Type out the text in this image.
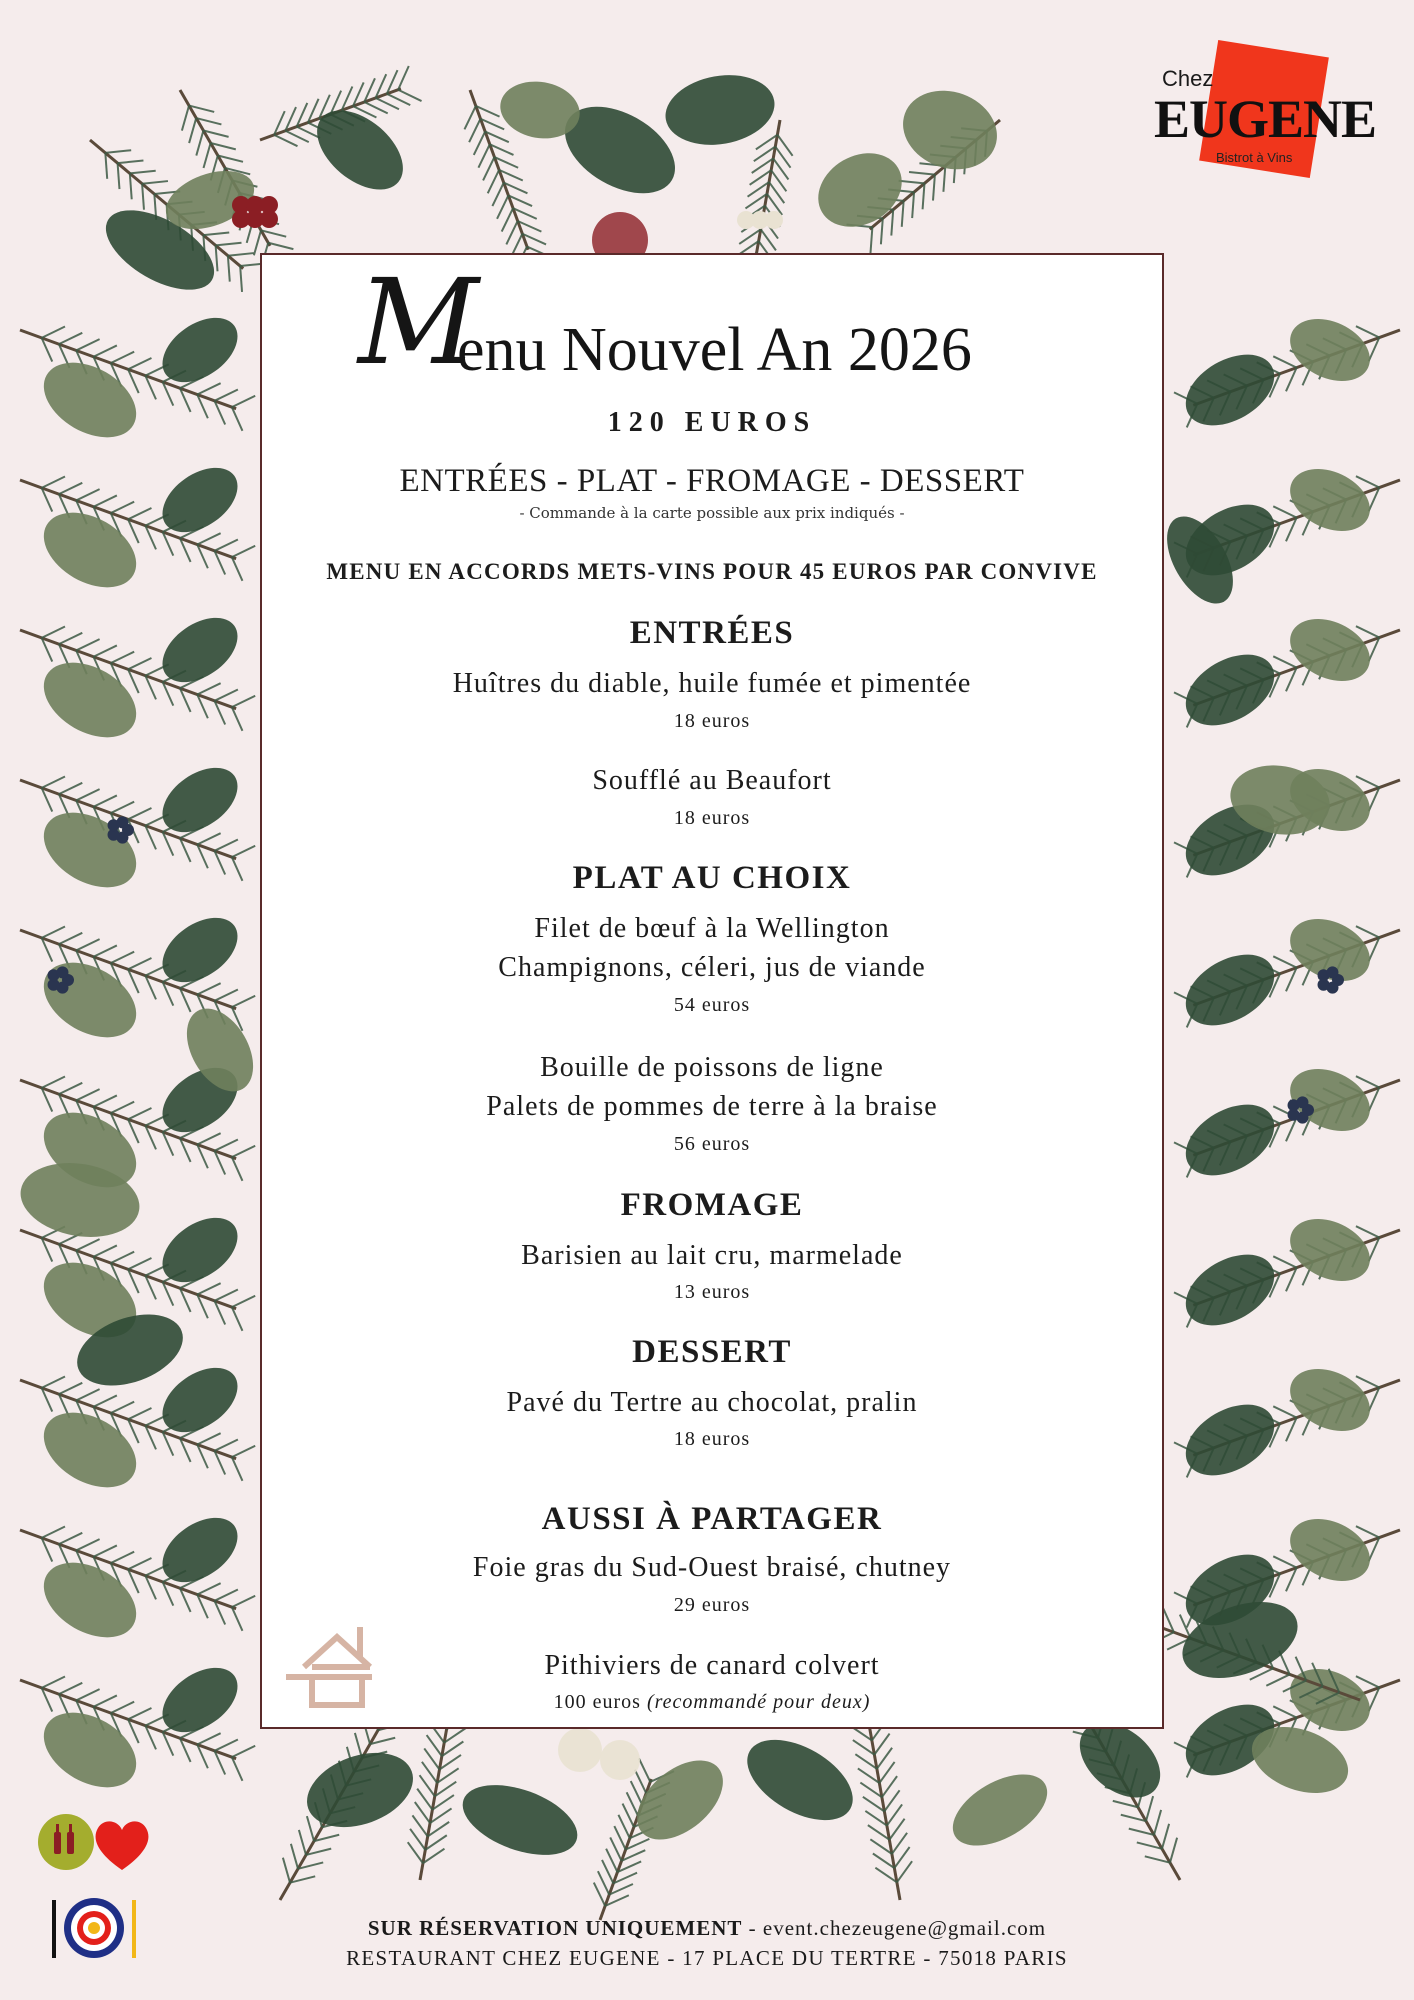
Chez
EUGENE
Bistrot à Vins
M
enu Nouvel An 2026
120 EUROS
ENTRÉES - PLAT - FROMAGE - DESSERT
- Commande à la carte possible aux prix indiqués -
MENU EN ACCORDS METS-VINS POUR 45 EUROS PAR CONVIVE
ENTRÉES
Huîtres du diable, huile fumée et pimentée
18 euros
Soufflé au Beaufort
18 euros
PLAT AU CHOIX
Filet de bœuf à la Wellington
Champignons, céleri, jus de viande
54 euros
Bouille de poissons de ligne
Palets de pommes de terre à la braise
56 euros
FROMAGE
Barisien au lait cru, marmelade
13 euros
DESSERT
Pavé du Tertre au chocolat, pralin
18 euros
AUSSI À PARTAGER
Foie gras du Sud-Ouest braisé, chutney
29 euros
Pithiviers de canard colvert
100 euros (recommandé pour deux)
SUR RÉSERVATION UNIQUEMENT - event.chezeugene@gmail.com
RESTAURANT CHEZ EUGENE - 17 PLACE DU TERTRE - 75018 PARIS
